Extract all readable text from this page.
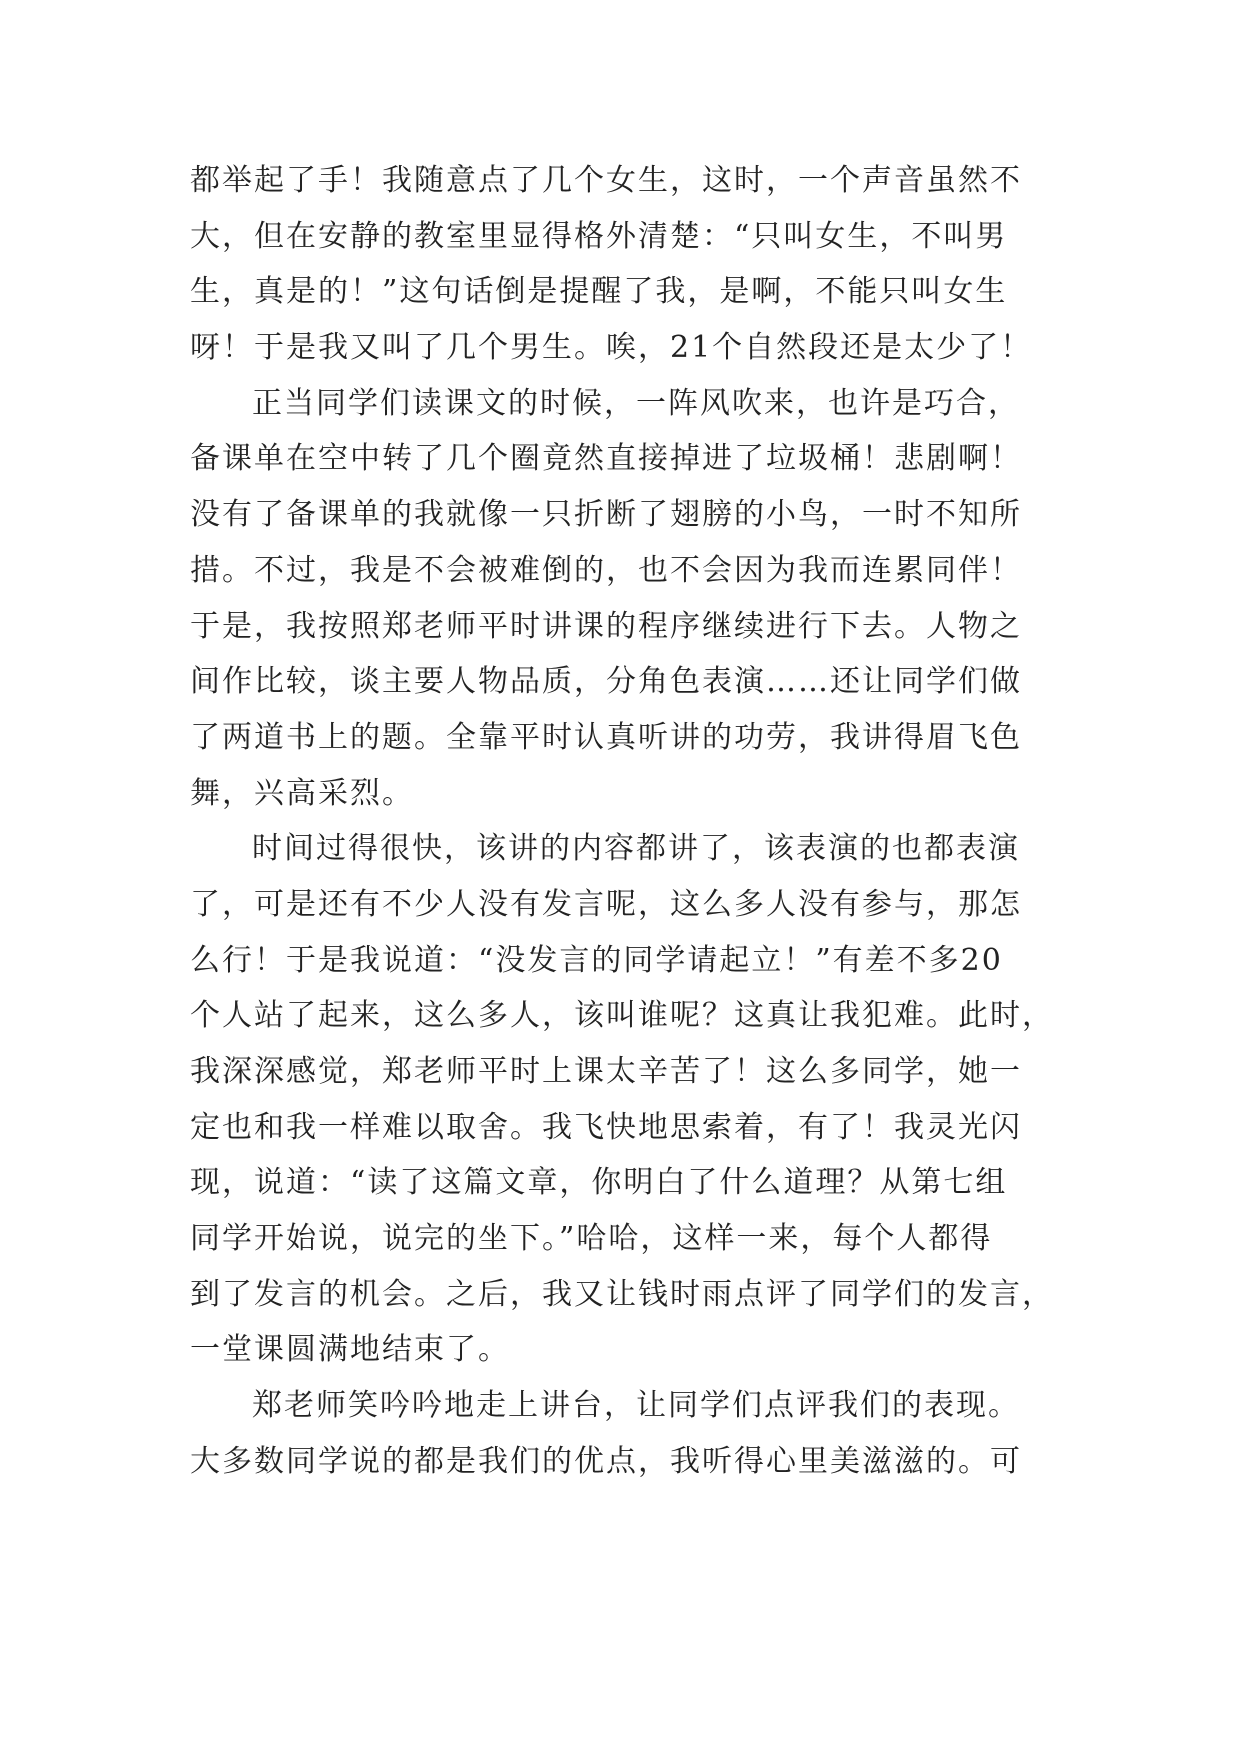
都举起了手！我随意点了几个女生，这时，一个声音虽然不
大，但在安静的教室里显得格外清楚：“只叫女生，不叫男
生，真是的！”这句话倒是提醒了我，是啊，不能只叫女生
呀！于是我又叫了几个男生。唉，21个自然段还是太少了！
正当同学们读课文的时候，一阵风吹来，也许是巧合，
备课单在空中转了几个圈竟然直接掉进了垃圾桶！悲剧啊！
没有了备课单的我就像一只折断了翅膀的小鸟，一时不知所
措。不过，我是不会被难倒的，也不会因为我而连累同伴！
于是，我按照郑老师平时讲课的程序继续进行下去。人物之
间作比较，谈主要人物品质，分角色表演……还让同学们做
了两道书上的题。全靠平时认真听讲的功劳，我讲得眉飞色
舞，兴高采烈。
时间过得很快，该讲的内容都讲了，该表演的也都表演
了，可是还有不少人没有发言呢，这么多人没有参与，那怎
么行！于是我说道：“没发言的同学请起立！”有差不多20
个人站了起来，这么多人，该叫谁呢？这真让我犯难。此时，
我深深感觉，郑老师平时上课太辛苦了！这么多同学，她一
定也和我一样难以取舍。我飞快地思索着，有了！我灵光闪
现，说道：“读了这篇文章，你明白了什么道理？从第七组
同学开始说，说完的坐下。”哈哈，这样一来，每个人都得
到了发言的机会。之后，我又让钱时雨点评了同学们的发言，
一堂课圆满地结束了。
郑老师笑吟吟地走上讲台，让同学们点评我们的表现。
大多数同学说的都是我们的优点，我听得心里美滋滋的。可
